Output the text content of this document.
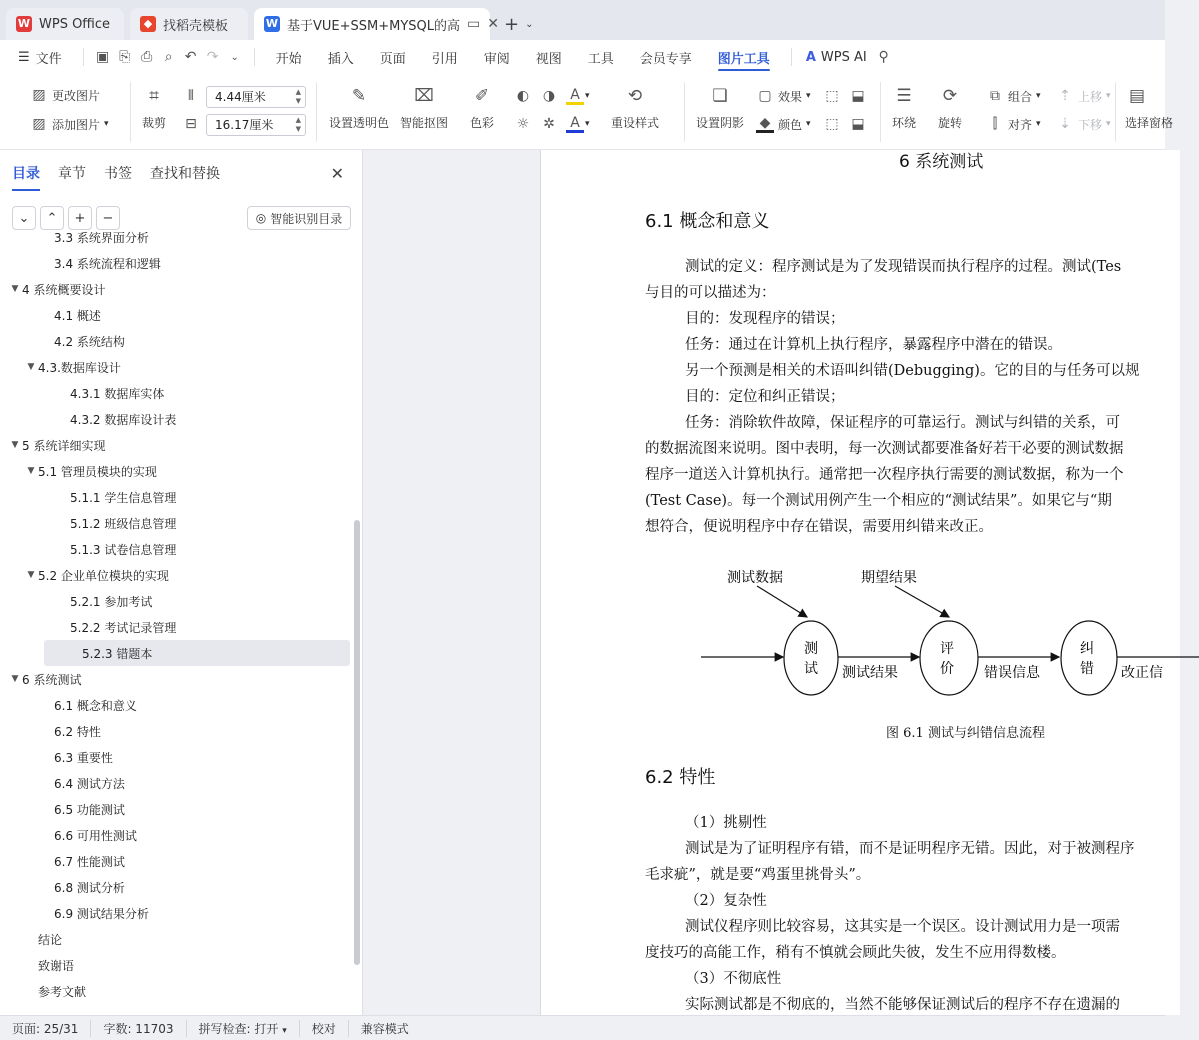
W WPS Office	◆ 找稻壳模板	W 基于VUE+SSM+MYSQL的高 ▭ ✕ + ⌄
☰ 文件	▣ ⎘ ⎙ ⌕ ↶ ↷	⌄	开始	插入	页面	引用	审阅	视图	工具	会员专享	图片工具	A WPS AI ⚲
▨ 更改图片
▨ 添加图片 ▾
⌗
裁剪
⫴	4.44厘米	▲
▼
⊟	16.17厘米	▲
▼
✎
设置透明色
⌧
智能抠图
✐
色彩
◐ ◑	A ▾
☼ ✲	A ▾
⟲
重设样式
❏
设置阴影
▢ 效果 ▾
◆ 颜色 ▾
⬚ ⬓
⬚ ⬓
☰
环绕
⟳
旋转
⧉ 组合 ▾
⫿ 对齐 ▾
⇡ 上移 ▾
⇣ 下移 ▾
▤
选择窗格
目录 章节 书签 查找和替换	✕
⌄ ⌃ + −	◎ 智能识别目录
3.3 系统界面分析
3.4 系统流程和逻辑
▼ 4 系统概要设计
4.1 概述
4.2 系统结构
▼ 4.3.数据库设计
4.3.1 数据库实体
4.3.2 数据库设计表
▼ 5 系统详细实现
▼ 5.1 管理员模块的实现
5.1.1 学生信息管理
5.1.2 班级信息管理
5.1.3 试卷信息管理
▼ 5.2 企业单位模块的实现
5.2.1 参加考试
5.2.2 考试记录管理
5.2.3 错题本
▼ 6 系统测试
6.1 概念和意义
6.2 特性
6.3 重要性
6.4 测试方法
6.5 功能测试
6.6 可用性测试
6.7 性能测试
6.8 测试分析
6.9 测试结果分析
结论
致谢语
参考文献
6 系统测试
6.1 概念和意义
测试的定义：程序测试是为了发现错误而执行程序的过程。测试(Tes
与目的可以描述为：
目的：发现程序的错误；
任务：通过在计算机上执行程序，暴露程序中潜在的错误。
另一个预测是相关的术语叫纠错(Debugging)。它的目的与任务可以规
目的：定位和纠正错误；
任务：消除软件故障，保证程序的可靠运行。测试与纠错的关系，可
的数据流图来说明。图中表明，每一次测试都要准备好若干必要的测试数据
程序一道送入计算机执行。通常把一次程序执行需要的测试数据，称为一个
(Test Case)。每一个测试用例产生一个相应的“测试结果”。如果它与“期
想符合，便说明程序中存在错误，需要用纠错来改正。
测试数据	期望结果
测
试 测试结果
评
价 错误信息
纠
错 改正信
图 6.1 测试与纠错信息流程
6.2 特性
（1）挑剔性
测试是为了证明程序有错，而不是证明程序无错。因此，对于被测程序
毛求疵”，就是要“鸡蛋里挑骨头”。
（2）复杂性
测试仪程序则比较容易，这其实是一个误区。设计测试用力是一项需
度技巧的高能工作，稍有不慎就会顾此失彼，发生不应用得数楼。
（3）不彻底性
实际测试都是不彻底的，当然不能够保证测试后的程序不存在遗漏的
页面: 25/31	字数: 11703	拼写检查: 打开 ▾	校对	兼容模式
